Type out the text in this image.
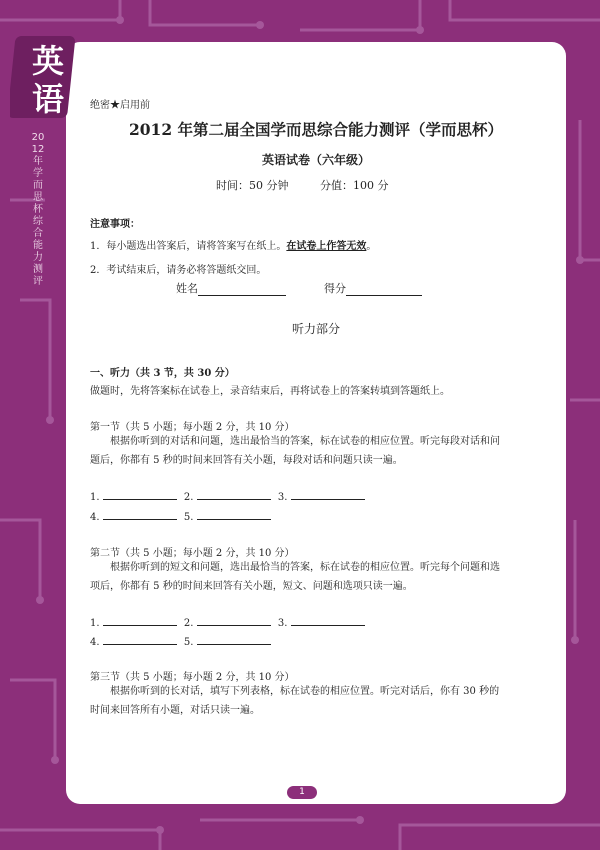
英语
2012年学而思杯综合能力测评
绝密★启用前
2012 年第二届全国学而思综合能力测评（学而思杯）
英语试卷（六年级）
时间：50 分钟	分值：100 分
注意事项：
1．每小题选出答案后，请将答案写在纸上。在试卷上作答无效。
2．考试结束后，请务必将答题纸交回。
姓名	得分
听力部分
一、听力（共 3 节，共 30 分）
做题时，先将答案标在试卷上，录音结束后，再将试卷上的答案转填到答题纸上。
第一节（共 5 小题；每小题 2 分，共 10 分）
根据你听到的对话和问题，选出最恰当的答案，标在试卷的相应位置。听完每段对话和问题后，你都有 5 秒的时间来回答有关小题，每段对话和问题只读一遍。
1.	2.	3.
4.	5.
第二节（共 5 小题；每小题 2 分，共 10 分）
根据你听到的短文和问题，选出最恰当的答案，标在试卷的相应位置。听完每个问题和选项后，你都有 5 秒的时间来回答有关小题，短文、问题和选项只读一遍。
1.	2.	3.
4.	5.
第三节（共 5 小题；每小题 2 分，共 10 分）
根据你听到的长对话，填写下列表格，标在试卷的相应位置。听完对话后，你有 30 秒的时间来回答所有小题，对话只读一遍。
1
